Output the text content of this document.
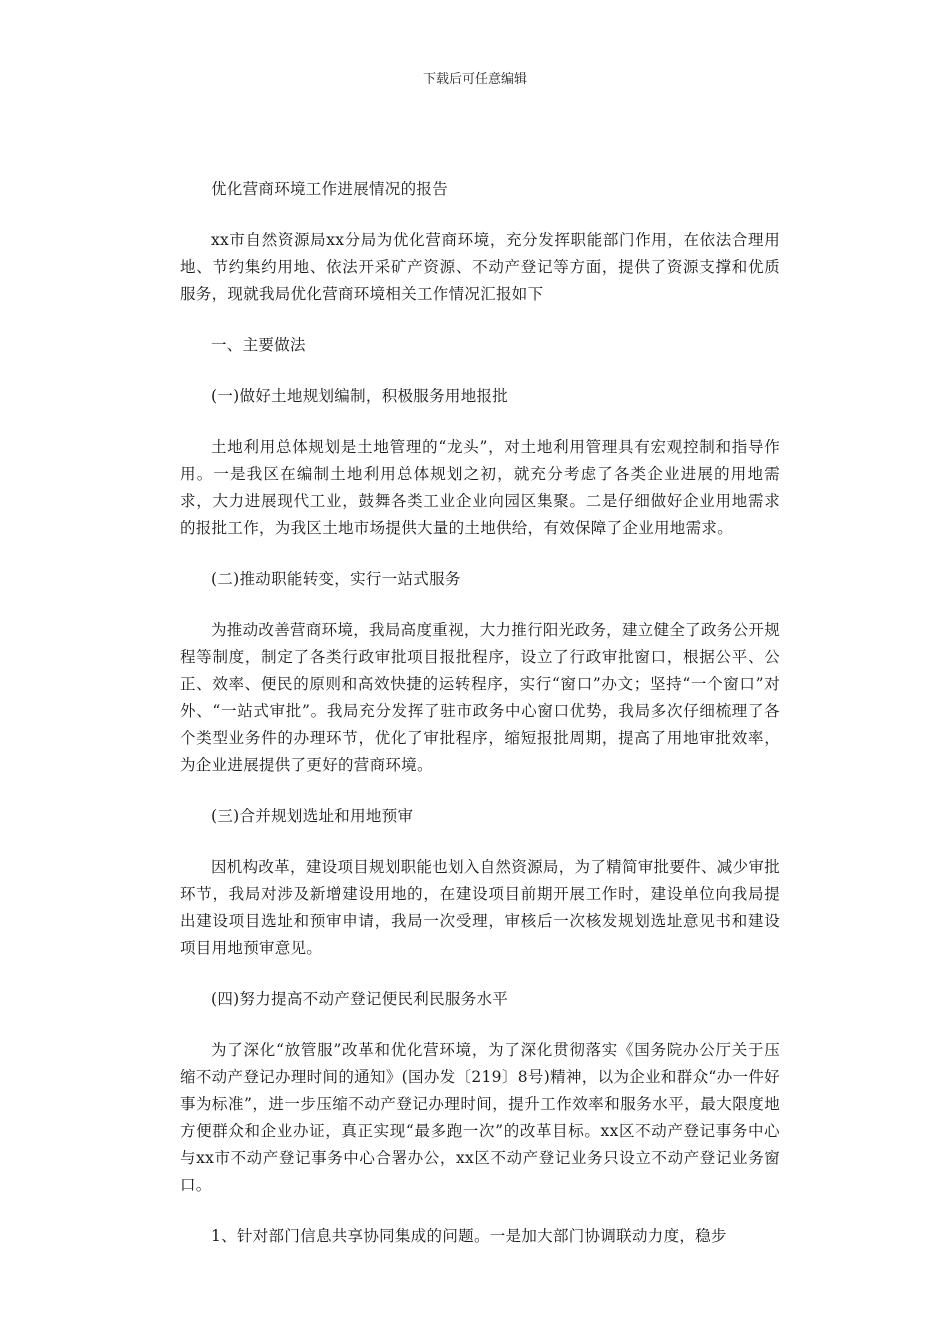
下载后可任意编辑

优化营商环境工作进展情况的报告

xx市自然资源局xx分局为优化营商环境，充分发挥职能部门作用，在依法合理用地、节约集约用地、依法开采矿产资源、不动产登记等方面，提供了资源支撑和优质服务，现就我局优化营商环境相关工作情况汇报如下

一、主要做法

(一)做好土地规划编制，积极服务用地报批

土地利用总体规划是土地管理的“龙头”，对土地利用管理具有宏观控制和指导作用。一是我区在编制土地利用总体规划之初，就充分考虑了各类企业进展的用地需求，大力进展现代工业，鼓舞各类工业企业向园区集聚。二是仔细做好企业用地需求的报批工作，为我区土地市场提供大量的土地供给，有效保障了企业用地需求。

(二)推动职能转变，实行一站式服务

为推动改善营商环境，我局高度重视，大力推行阳光政务，建立健全了政务公开规程等制度，制定了各类行政审批项目报批程序，设立了行政审批窗口，根据公平、公正、效率、便民的原则和高效快捷的运转程序，实行“窗口”办文；坚持“一个窗口”对外、“一站式审批”。我局充分发挥了驻市政务中心窗口优势，我局多次仔细梳理了各个类型业务件的办理环节，优化了审批程序，缩短报批周期，提高了用地审批效率，为企业进展提供了更好的营商环境。

(三)合并规划选址和用地预审

因机构改革，建设项目规划职能也划入自然资源局，为了精简审批要件、减少审批环节，我局对涉及新增建设用地的，在建设项目前期开展工作时，建设单位向我局提出建设项目选址和预审申请，我局一次受理，审核后一次核发规划选址意见书和建设项目用地预审意见。

(四)努力提高不动产登记便民利民服务水平

为了深化“放管服”改革和优化营环境，为了深化贯彻落实《国务院办公厅关于压缩不动产登记办理时间的通知》(国办发〔219〕8号)精神，以为企业和群众“办一件好事为标准”，进一步压缩不动产登记办理时间，提升工作效率和服务水平，最大限度地方便群众和企业办证，真正实现“最多跑一次”的改革目标。xx区不动产登记事务中心与xx市不动产登记事务中心合署办公，xx区不动产登记业务只设立不动产登记业务窗口。

1、针对部门信息共享协同集成的问题。一是加大部门协调联动力度，稳步
